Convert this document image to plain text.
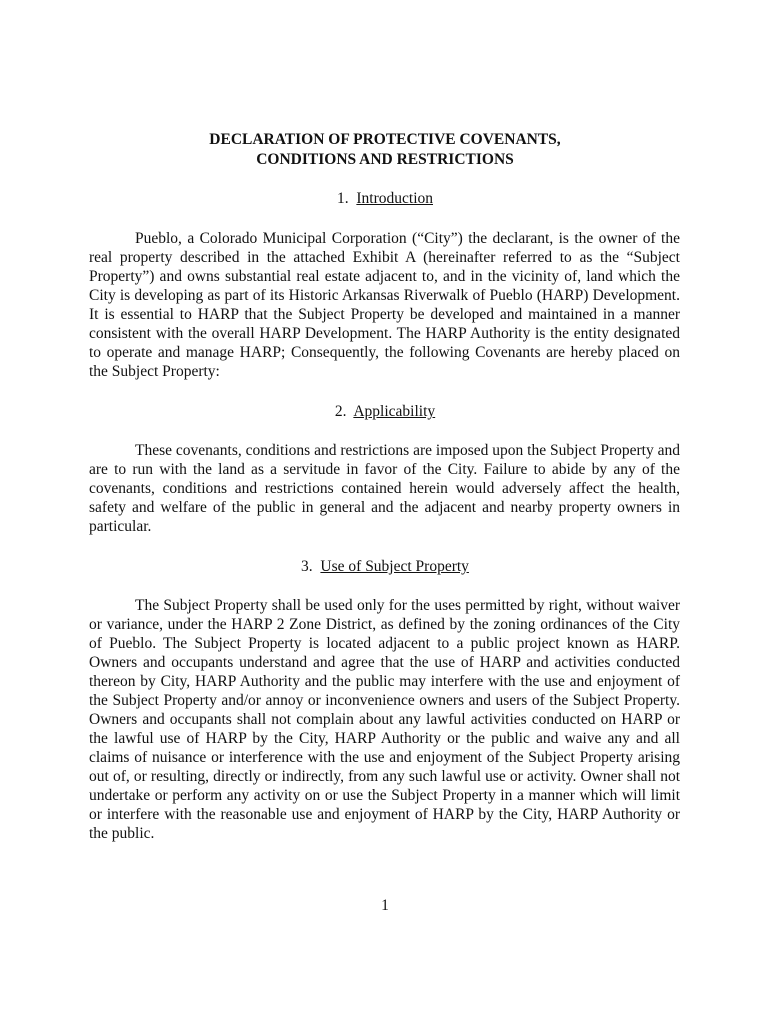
DECLARATION OF PROTECTIVE COVENANTS,
CONDITIONS AND RESTRICTIONS
1. Introduction

Pueblo, a Colorado Municipal Corporation (“City”) the declarant, is the owner of the real property described in the attached Exhibit A (hereinafter referred to as the “Subject Property”) and owns substantial real estate adjacent to, and in the vicinity of, land which the City is developing as part of its Historic Arkansas Riverwalk of Pueblo (HARP) Development. It is essential to HARP that the Subject Property be developed and maintained in a manner consistent with the overall HARP Development. The HARP Authority is the entity designated to operate and manage HARP; Consequently, the following Covenants are hereby placed on the Subject Property:

2. Applicability

These covenants, conditions and restrictions are imposed upon the Subject Property and are to run with the land as a servitude in favor of the City. Failure to abide by any of the covenants, conditions and restrictions contained herein would adversely affect the health, safety and welfare of the public in general and the adjacent and nearby property owners in particular.

3. Use of Subject Property

The Subject Property shall be used only for the uses permitted by right, without waiver or variance, under the HARP 2 Zone District, as defined by the zoning ordinances of the City of Pueblo. The Subject Property is located adjacent to a public project known as HARP. Owners and occupants understand and agree that the use of HARP and activities conducted thereon by City, HARP Authority and the public may interfere with the use and enjoyment of the Subject Property and/or annoy or inconvenience owners and users of the Subject Property. Owners and occupants shall not complain about any lawful activities conducted on HARP or the lawful use of HARP by the City, HARP Authority or the public and waive any and all claims of nuisance or interference with the use and enjoyment of the Subject Property arising out of, or resulting, directly or indirectly, from any such lawful use or activity. Owner shall not undertake or perform any activity on or use the Subject Property in a manner which will limit or interfere with the reasonable use and enjoyment of HARP by the City, HARP Authority or the public.

1
